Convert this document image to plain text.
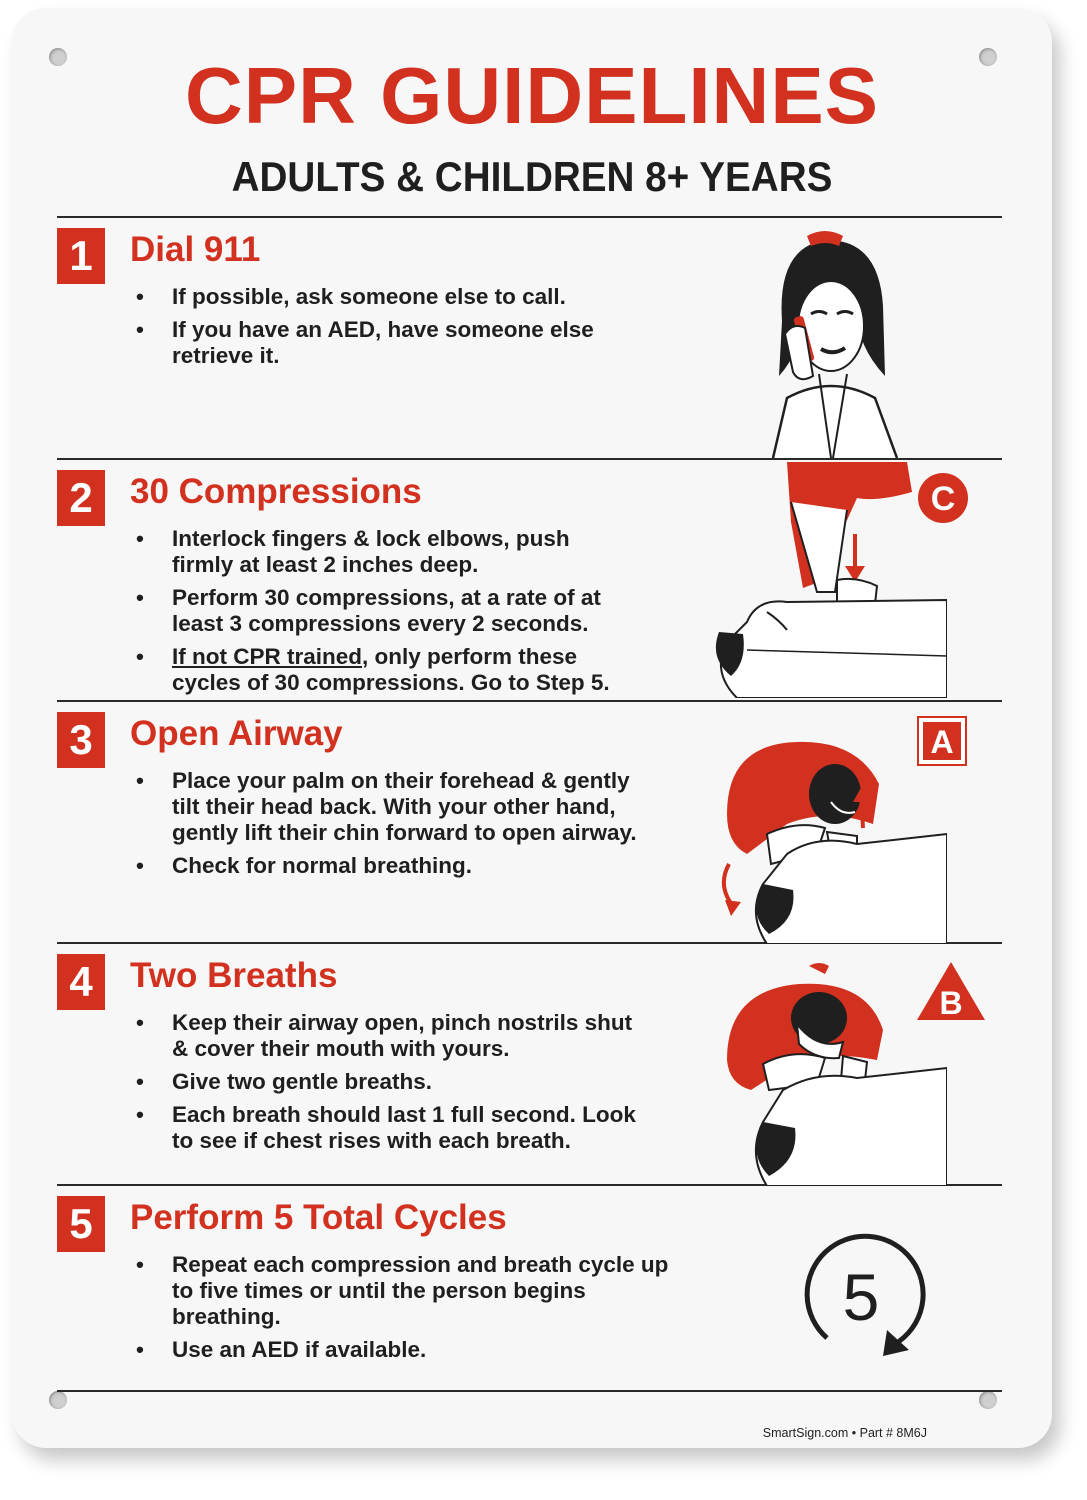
CPR GUIDELINES
ADULTS & CHILDREN 8+ YEARS
1	Dial 911
• If possible, ask someone else to call.
• If you have an AED, have someone else retrieve it.
2	30 Compressions
• Interlock fingers & lock elbows, push firmly at least 2 inches deep.
• Perform 30 compressions, at a rate of at least 3 compressions every 2 seconds.
• If not CPR trained, only perform these cycles of 30 compressions. Go to Step 5.
C
3	Open Airway
• Place your palm on their forehead & gently tilt their head back. With your other hand, gently lift their chin forward to open airway.
• Check for normal breathing.
A
4	Two Breaths
• Keep their airway open, pinch nostrils shut & cover their mouth with yours.
• Give two gentle breaths.
• Each breath should last 1 full second. Look to see if chest rises with each breath.
B
5	Perform 5 Total Cycles
• Repeat each compression and breath cycle up to five times or until the person begins breathing.
• Use an AED if available.
5
SmartSign.com • Part # 8M6J
